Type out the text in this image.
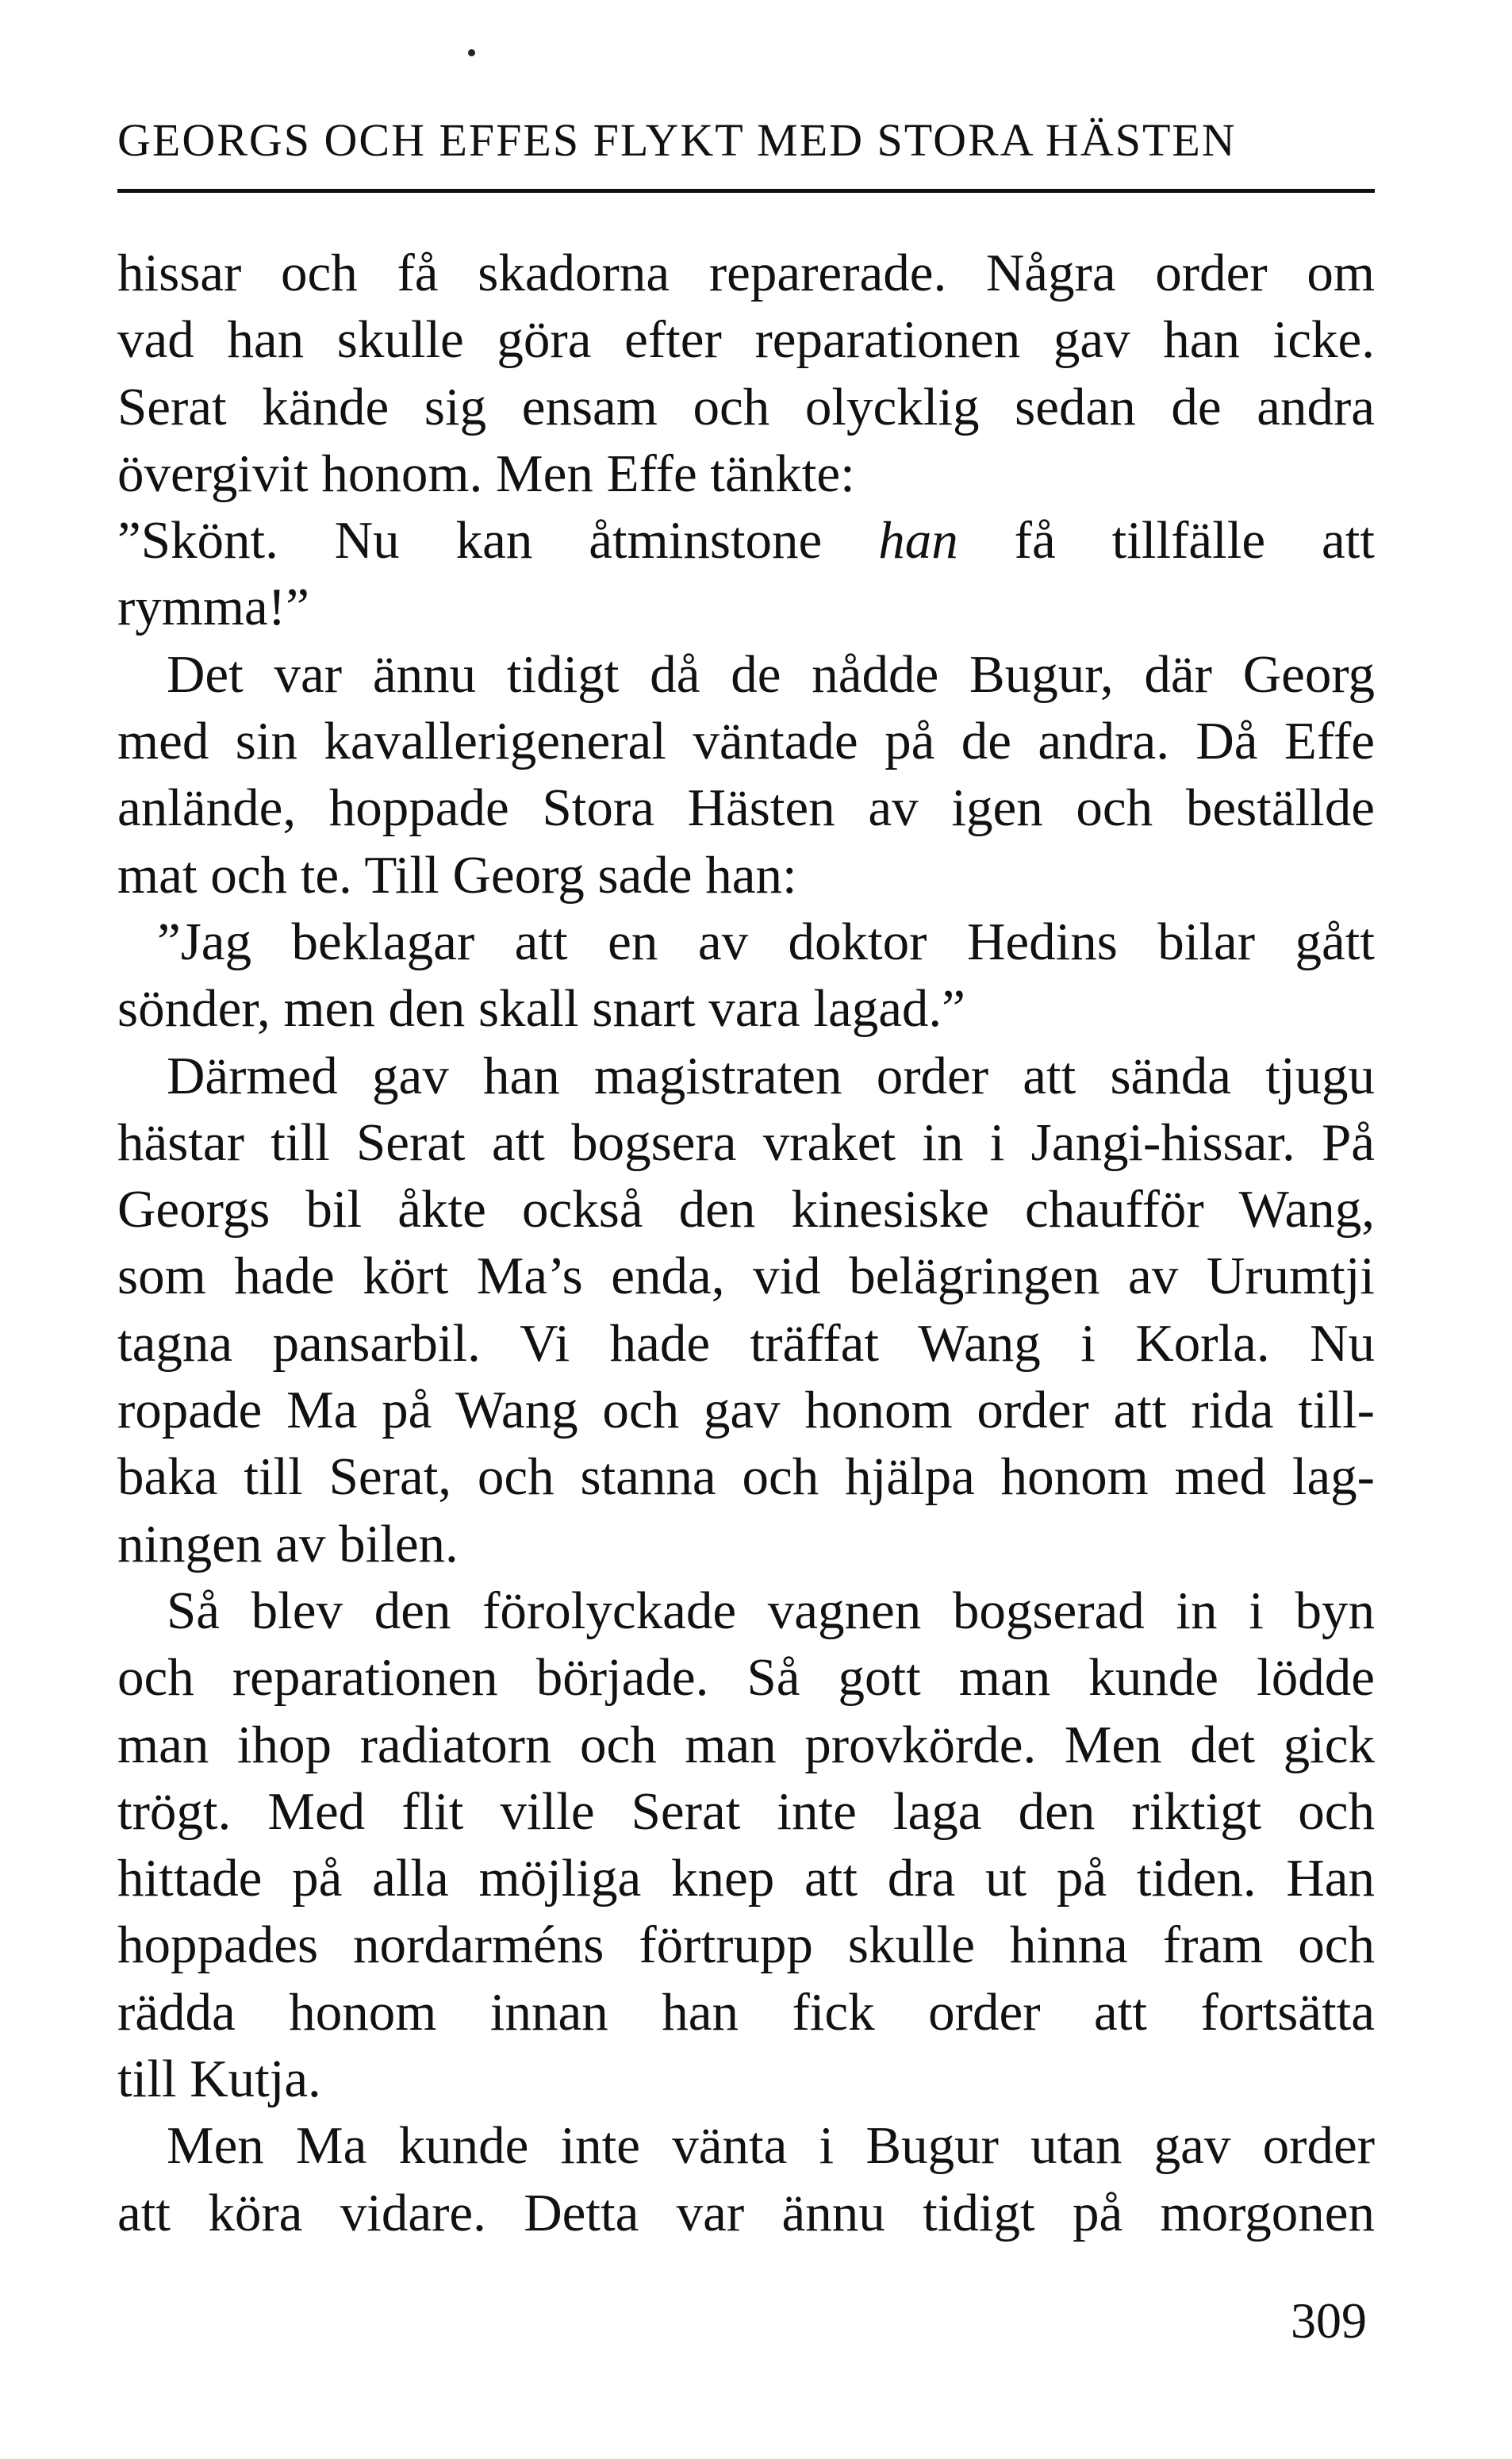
GEORGS OCH EFFES FLYKT MED STORA HÄSTEN
hissar och få skadorna reparerade. Några order om
vad han skulle göra efter reparationen gav han icke.
Serat kände sig ensam och olycklig sedan de andra
övergivit honom. Men Effe tänkte:
”Skönt. Nu kan åtminstone han få tillfälle att
rymma!”
Det var ännu tidigt då de nådde Bugur, där Georg
med sin kavallerigeneral väntade på de andra. Då Effe
anlände, hoppade Stora Hästen av igen och beställde
mat och te. Till Georg sade han:
”Jag beklagar att en av doktor Hedins bilar gått
sönder, men den skall snart vara lagad.”
Därmed gav han magistraten order att sända tjugu
hästar till Serat att bogsera vraket in i Jangi-hissar. På
Georgs bil åkte också den kinesiske chaufför Wang,
som hade kört Ma’s enda, vid belägringen av Urumtji
tagna pansarbil. Vi hade träffat Wang i Korla. Nu
ropade Ma på Wang och gav honom order att rida till-
baka till Serat, och stanna och hjälpa honom med lag-
ningen av bilen.
Så blev den förolyckade vagnen bogserad in i byn
och reparationen började. Så gott man kunde lödde
man ihop radiatorn och man provkörde. Men det gick
trögt. Med flit ville Serat inte laga den riktigt och
hittade på alla möjliga knep att dra ut på tiden. Han
hoppades nordarméns förtrupp skulle hinna fram och
rädda honom innan han fick order att fortsätta
till Kutja.
Men Ma kunde inte vänta i Bugur utan gav order
att köra vidare. Detta var ännu tidigt på morgonen
309
